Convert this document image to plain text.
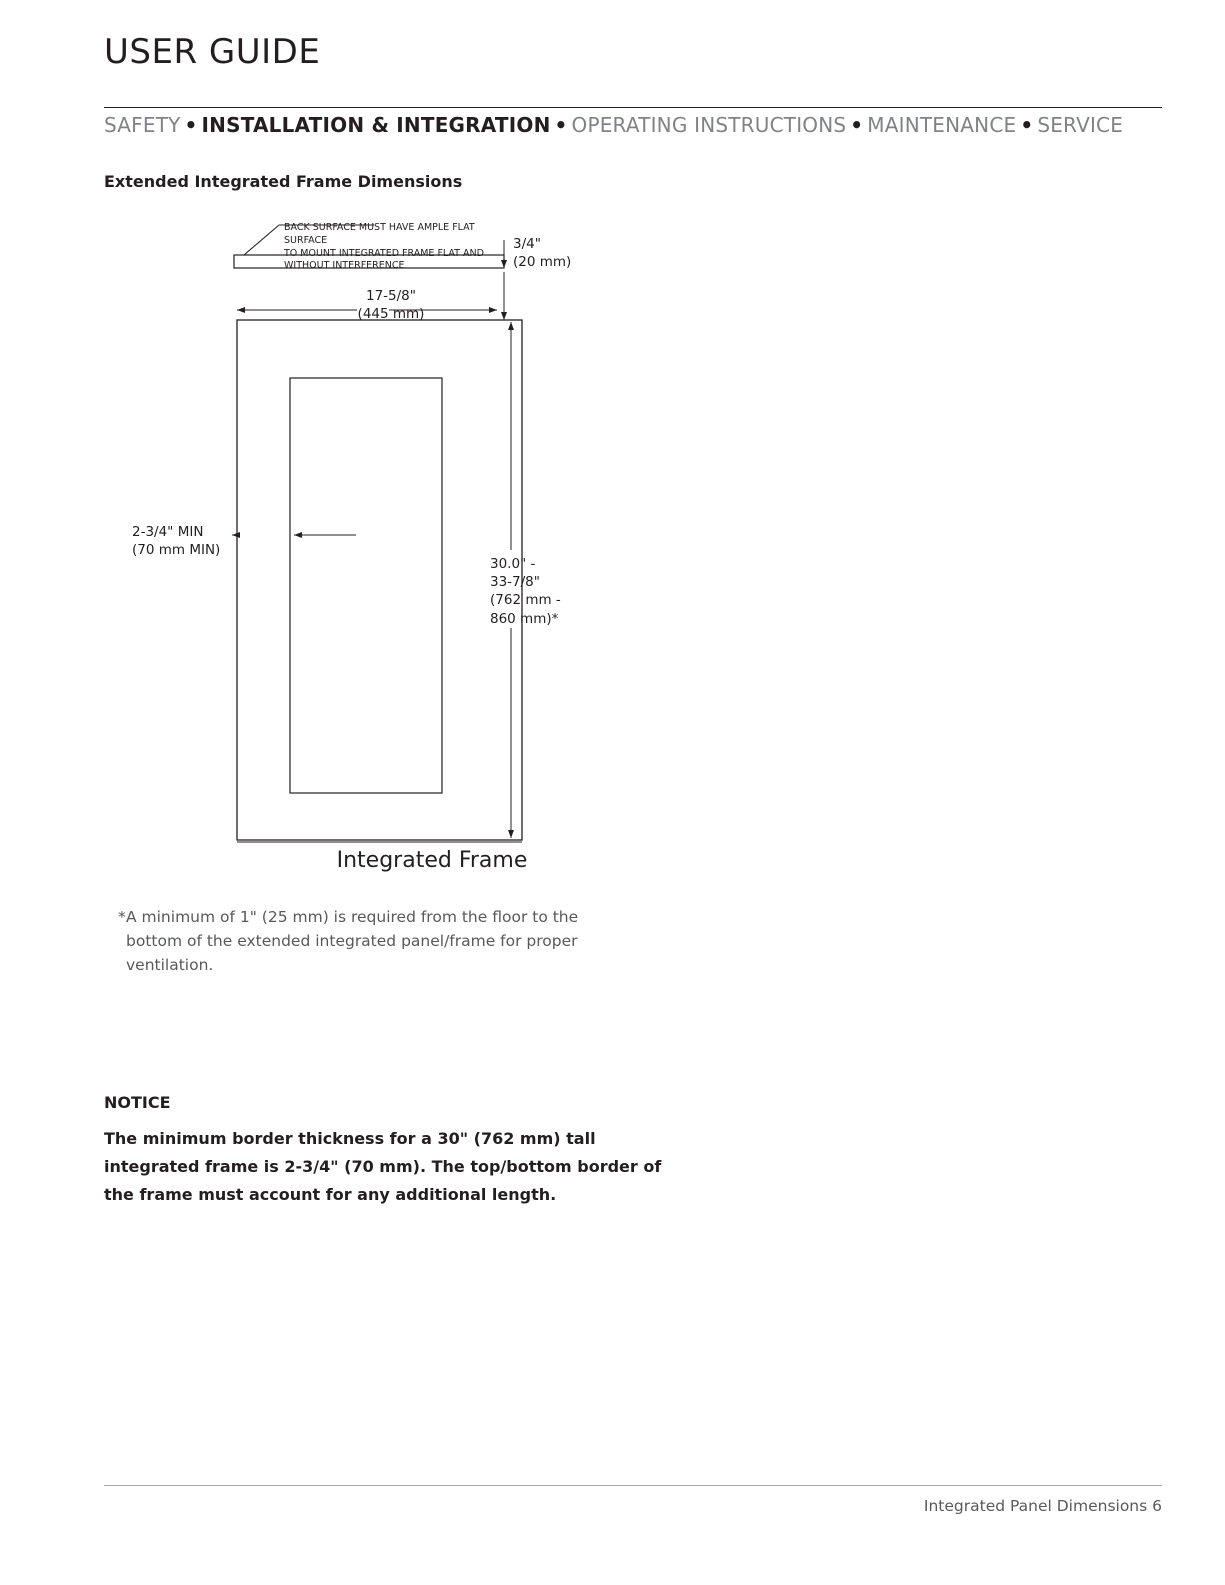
USER GUIDE
SAFETY • INSTALLATION & INTEGRATION • OPERATING INSTRUCTIONS • MAINTENANCE • SERVICE
Extended Integrated Frame Dimensions
BACK SURFACE MUST HAVE AMPLE FLAT SURFACE
TO MOUNT INTEGRATED FRAME FLAT AND
WITHOUT INTERFERENCE
3/4"
(20 mm)
17-5/8"
(445 mm)
2-3/4" MIN
(70 mm MIN)
30.0" -
33-7/8"
(762 mm -
860 mm)*
Integrated Frame
* A minimum of 1" (25 mm) is required from the floor to the bottom of the extended integrated panel/frame for proper ventilation.
NOTICE
The minimum border thickness for a 30" (762 mm) tall integrated frame is 2-3/4" (70 mm). The top/bottom border of the frame must account for any additional length.
Integrated Panel Dimensions 6
